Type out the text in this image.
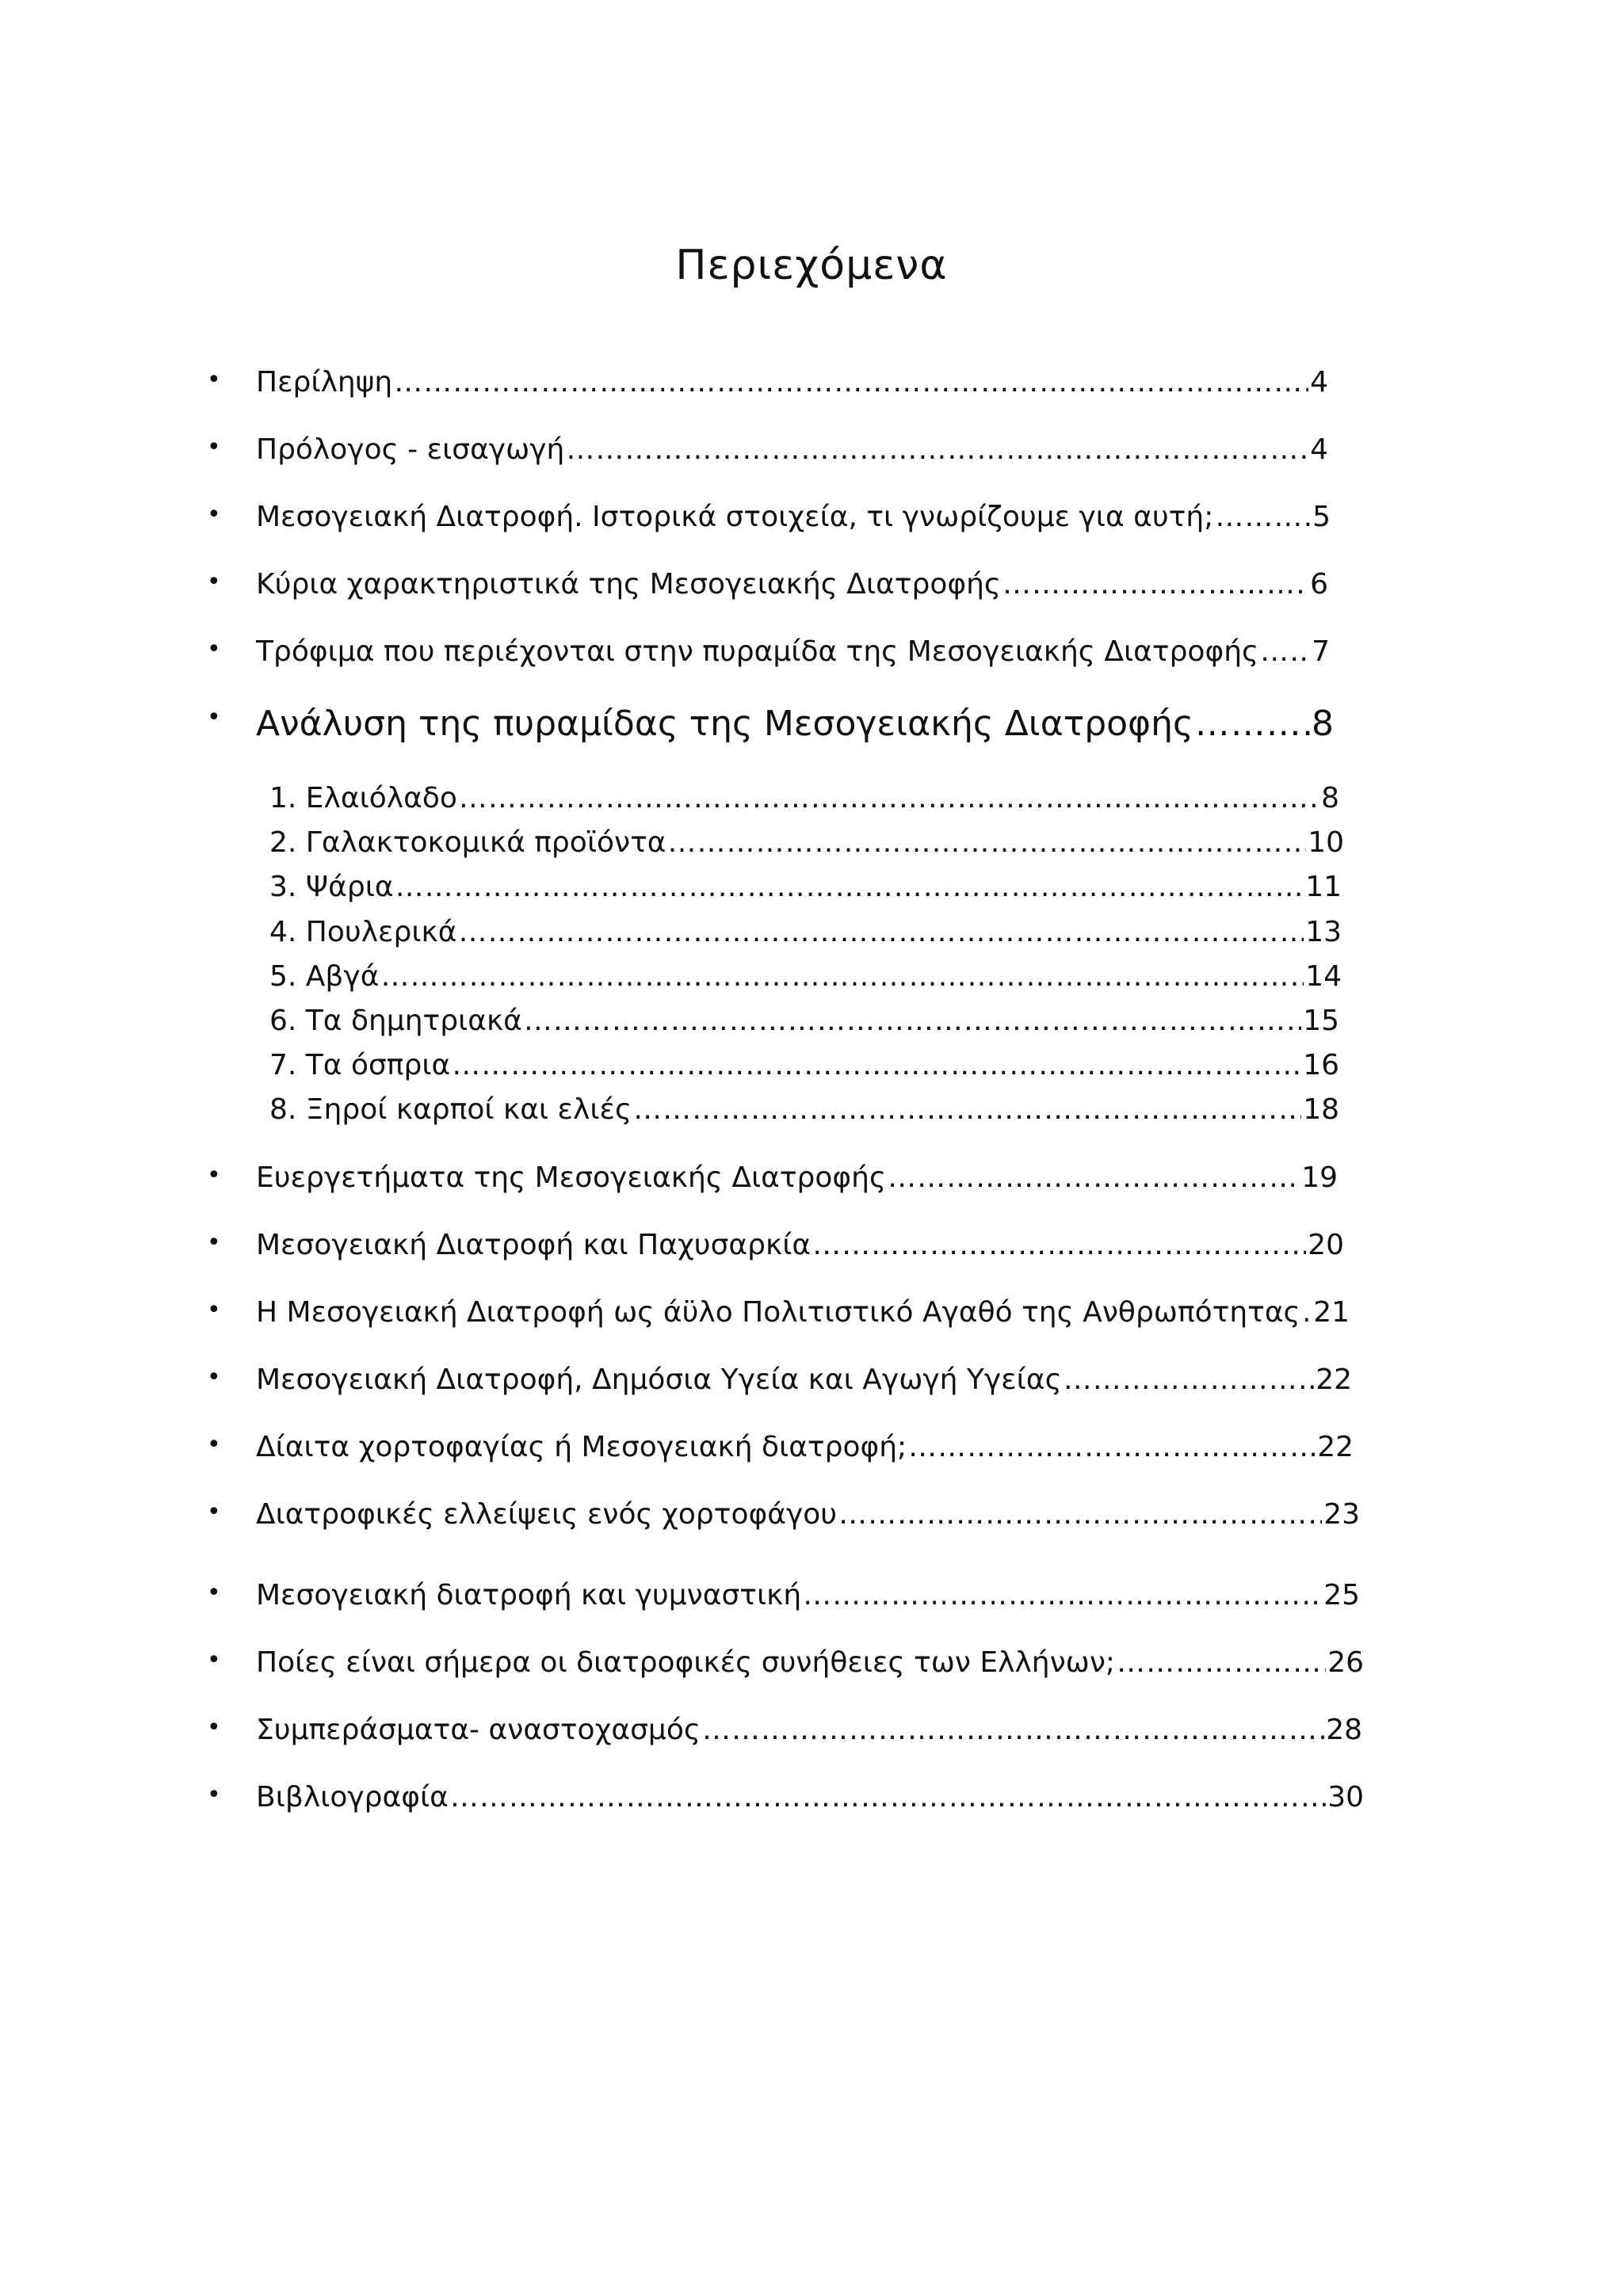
Περιεχόμενα
• Περίληψη ……………………………………………………………………………………………………………………………………………………………………………………………………………………	4
• Πρόλογος - εισαγωγή ……………………………………………………………………………………………………………………………………………………………………………………………………………………	4
• Μεσογειακή Διατροφή. Ιστορικά στοιχεία, τι γνωρίζουμε για αυτή; ……………………………………………………………………………………………………………………………………………………………………………………………………………………	5
• Κύρια χαρακτηριστικά της Μεσογειακής Διατροφής ……………………………………………………………………………………………………………………………………………………………………………………………………………………	6
• Τρόφιμα που περιέχονται στην πυραμίδα της Μεσογειακής Διατροφής …………………………………………………………………………………………………………………………………………………………………………………………………………………… 7
• Ανάλυση της πυραμίδας της Μεσογειακής Διατροφής ……………………………………………………………………………………………………………………………………………………………………………………………………………………	8
1. Ελαιόλαδο ……………………………………………………………………………………………………………………………………………………………………………………………………………………	8
2. Γαλακτοκομικά προϊόντα ……………………………………………………………………………………………………………………………………………………………………………………………………………………	10
3. Ψάρια ……………………………………………………………………………………………………………………………………………………………………………………………………………………	11
4. Πουλερικά ……………………………………………………………………………………………………………………………………………………………………………………………………………………	13
5. Αβγά ……………………………………………………………………………………………………………………………………………………………………………………………………………………	14
6. Τα δημητριακά ……………………………………………………………………………………………………………………………………………………………………………………………………………………	15
7. Τα όσπρια ……………………………………………………………………………………………………………………………………………………………………………………………………………………	16
8. Ξηροί καρποί και ελιές ……………………………………………………………………………………………………………………………………………………………………………………………………………………	18
• Ευεργετήματα της Μεσογειακής Διατροφής ……………………………………………………………………………………………………………………………………………………………………………………………………………………	19
• Μεσογειακή Διατροφή και Παχυσαρκία ……………………………………………………………………………………………………………………………………………………………………………………………………………………	20
• Η Μεσογειακή Διατροφή ως άϋλο Πολιτιστικό Αγαθό της Ανθρωπότητας …………………………………………………………………………………………………………………………………………………………………………………………………………………… 21
• Μεσογειακή Διατροφή, Δημόσια Υγεία και Αγωγή Υγείας ……………………………………………………………………………………………………………………………………………………………………………………………………………………	22
• Δίαιτα χορτοφαγίας ή Μεσογειακή διατροφή; ……………………………………………………………………………………………………………………………………………………………………………………………………………………	22
• Διατροφικές ελλείψεις ενός χορτοφάγου ……………………………………………………………………………………………………………………………………………………………………………………………………………………	23
• Μεσογειακή διατροφή και γυμναστική ……………………………………………………………………………………………………………………………………………………………………………………………………………………	25
• Ποίες είναι σήμερα οι διατροφικές συνήθειες των Ελλήνων; ……………………………………………………………………………………………………………………………………………………………………………………………………………………	26
• Συμπεράσματα- αναστοχασμός ……………………………………………………………………………………………………………………………………………………………………………………………………………………	28
• Βιβλιογραφία ……………………………………………………………………………………………………………………………………………………………………………………………………………………	30
